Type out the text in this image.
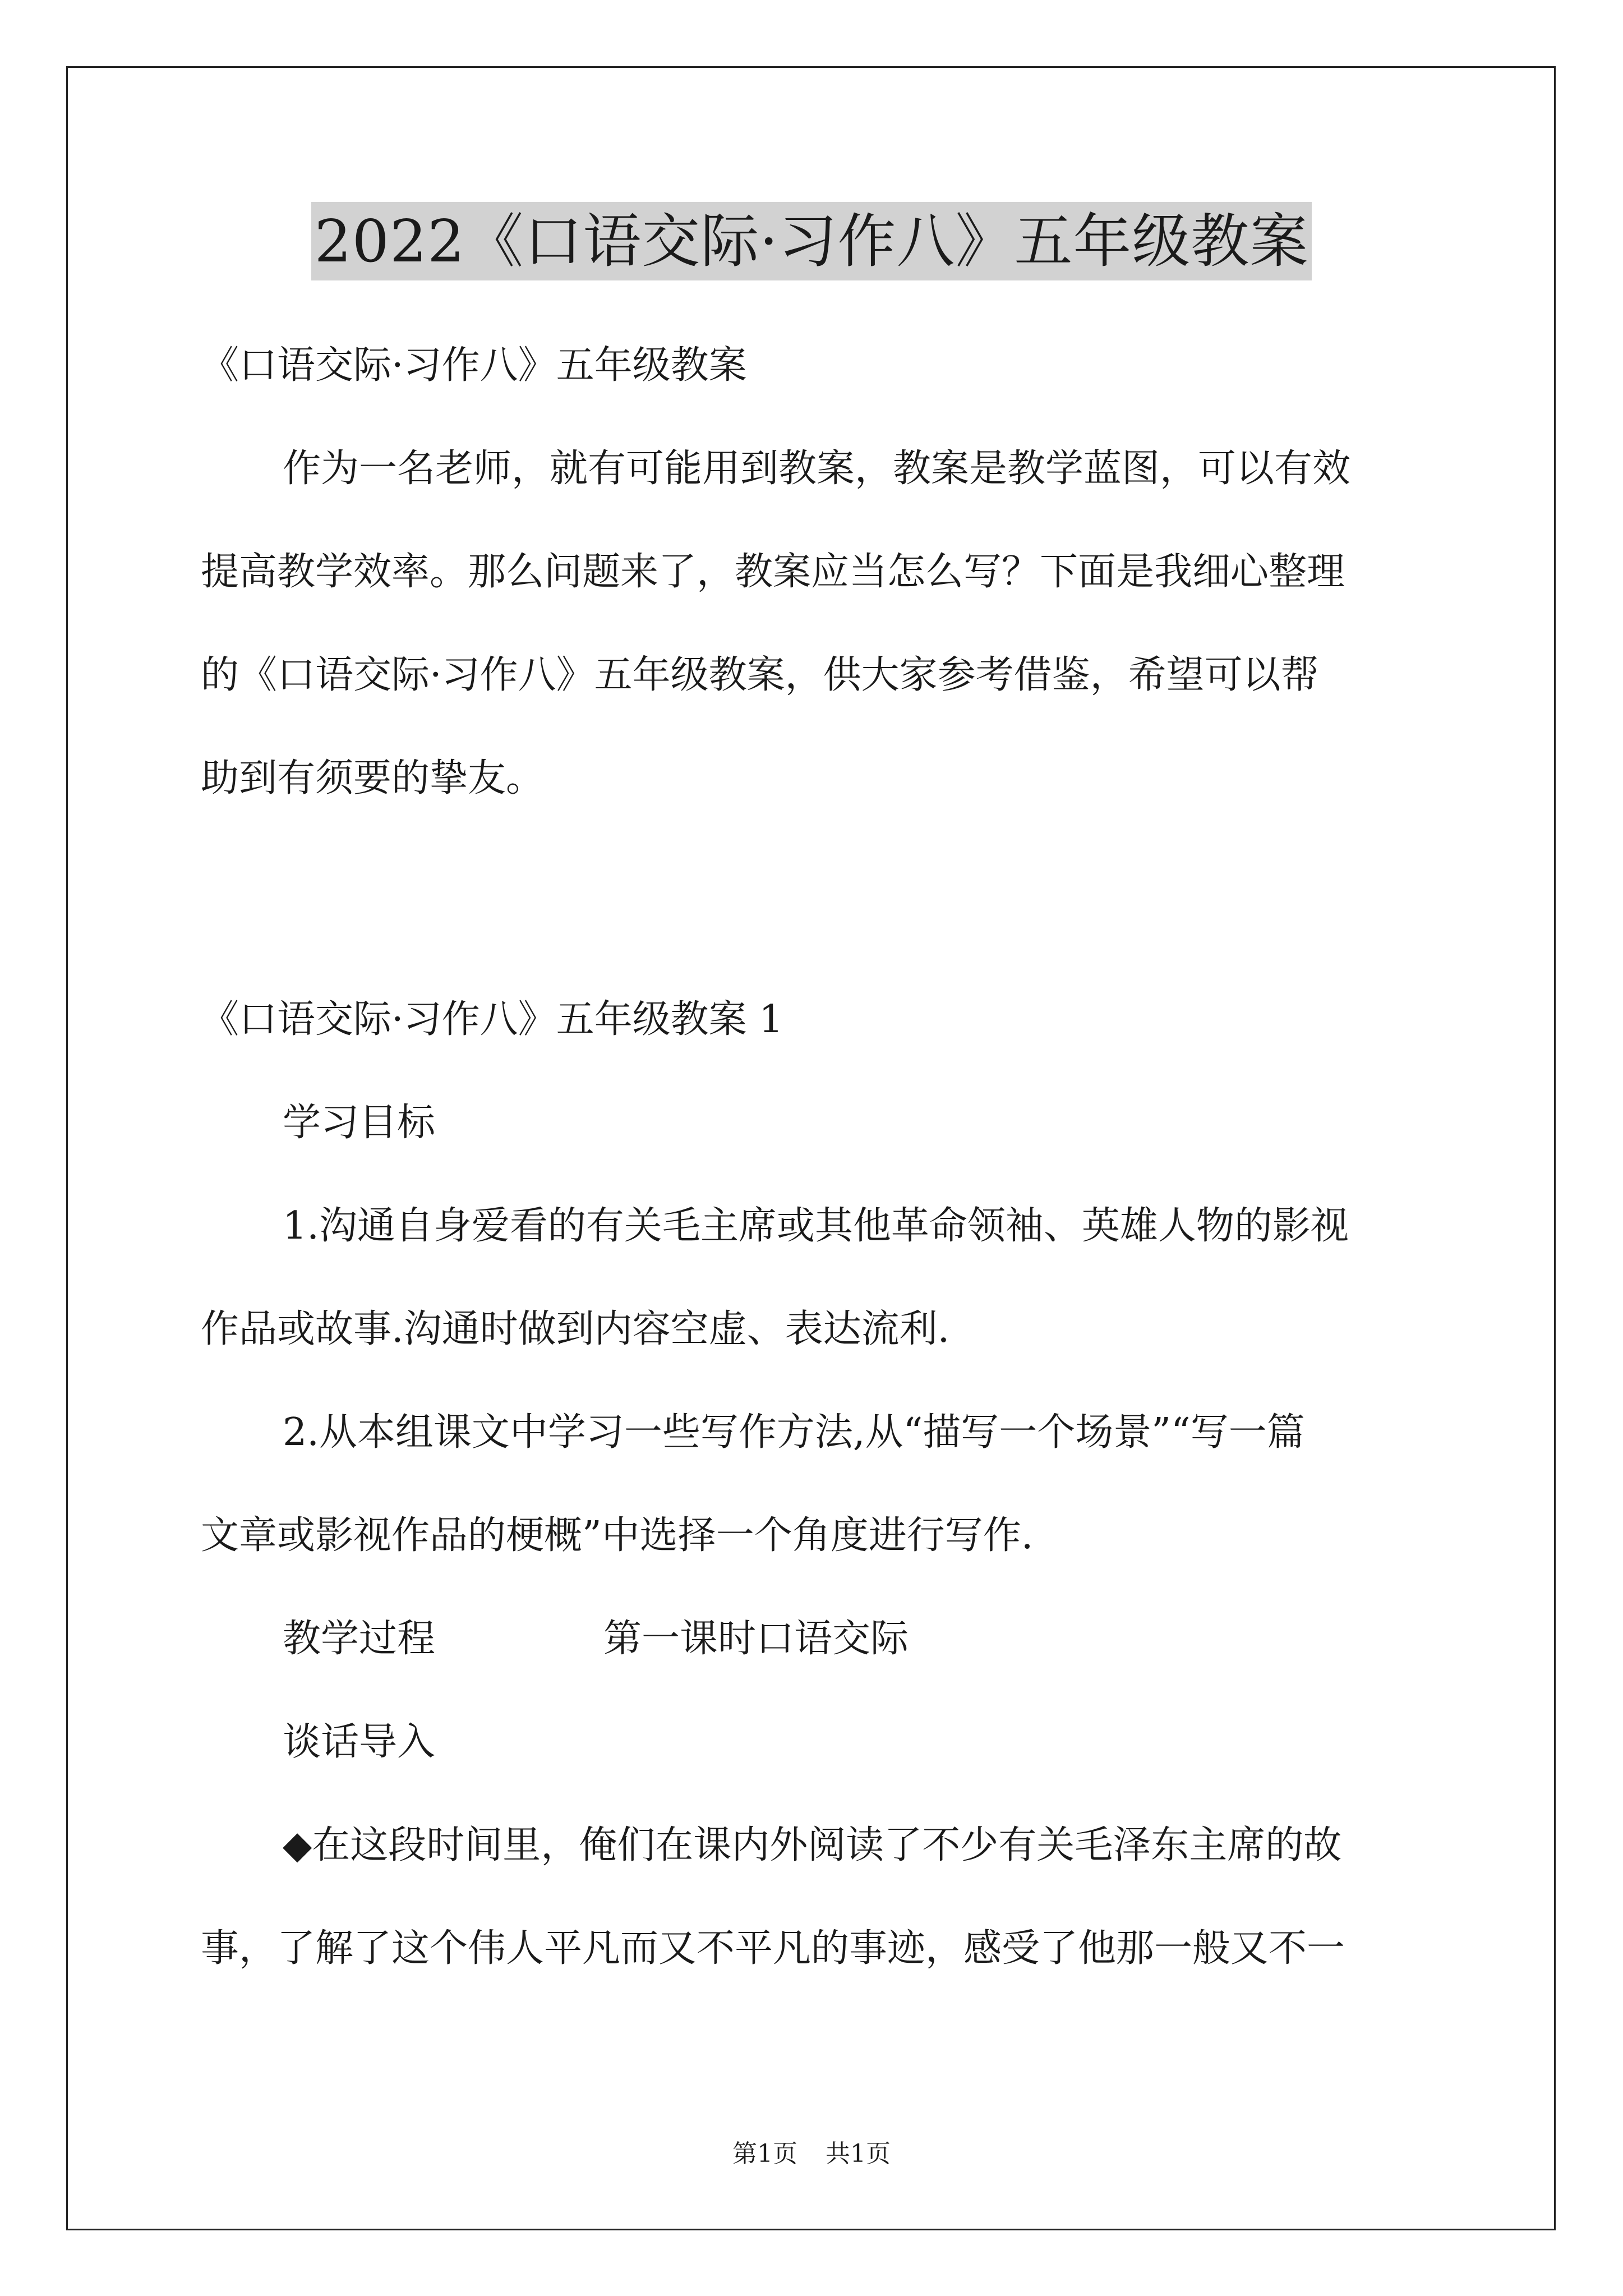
2022《口语交际·习作八》五年级教案
《口语交际·习作八》五年级教案
作为一名老师，就有可能用到教案，教案是教学蓝图，可以有效
提高教学效率。那么问题来了，教案应当怎么写？下面是我细心整理
的《口语交际·习作八》五年级教案，供大家参考借鉴，希望可以帮
助到有须要的挚友。
《口语交际·习作八》五年级教案 1
学习目标
1.沟通自身爱看的有关毛主席或其他革命领袖、英雄人物的影视
作品或故事.沟通时做到内容空虚、表达流利.
2.从本组课文中学习一些写作方法,从“描写一个场景”“写一篇
文章或影视作品的梗概”中选择一个角度进行写作.
教学过程	第一课时口语交际
谈话导入
◆在这段时间里，俺们在课内外阅读了不少有关毛泽东主席的故
事，了解了这个伟人平凡而又不平凡的事迹，感受了他那一般又不一
第1页 共1页
